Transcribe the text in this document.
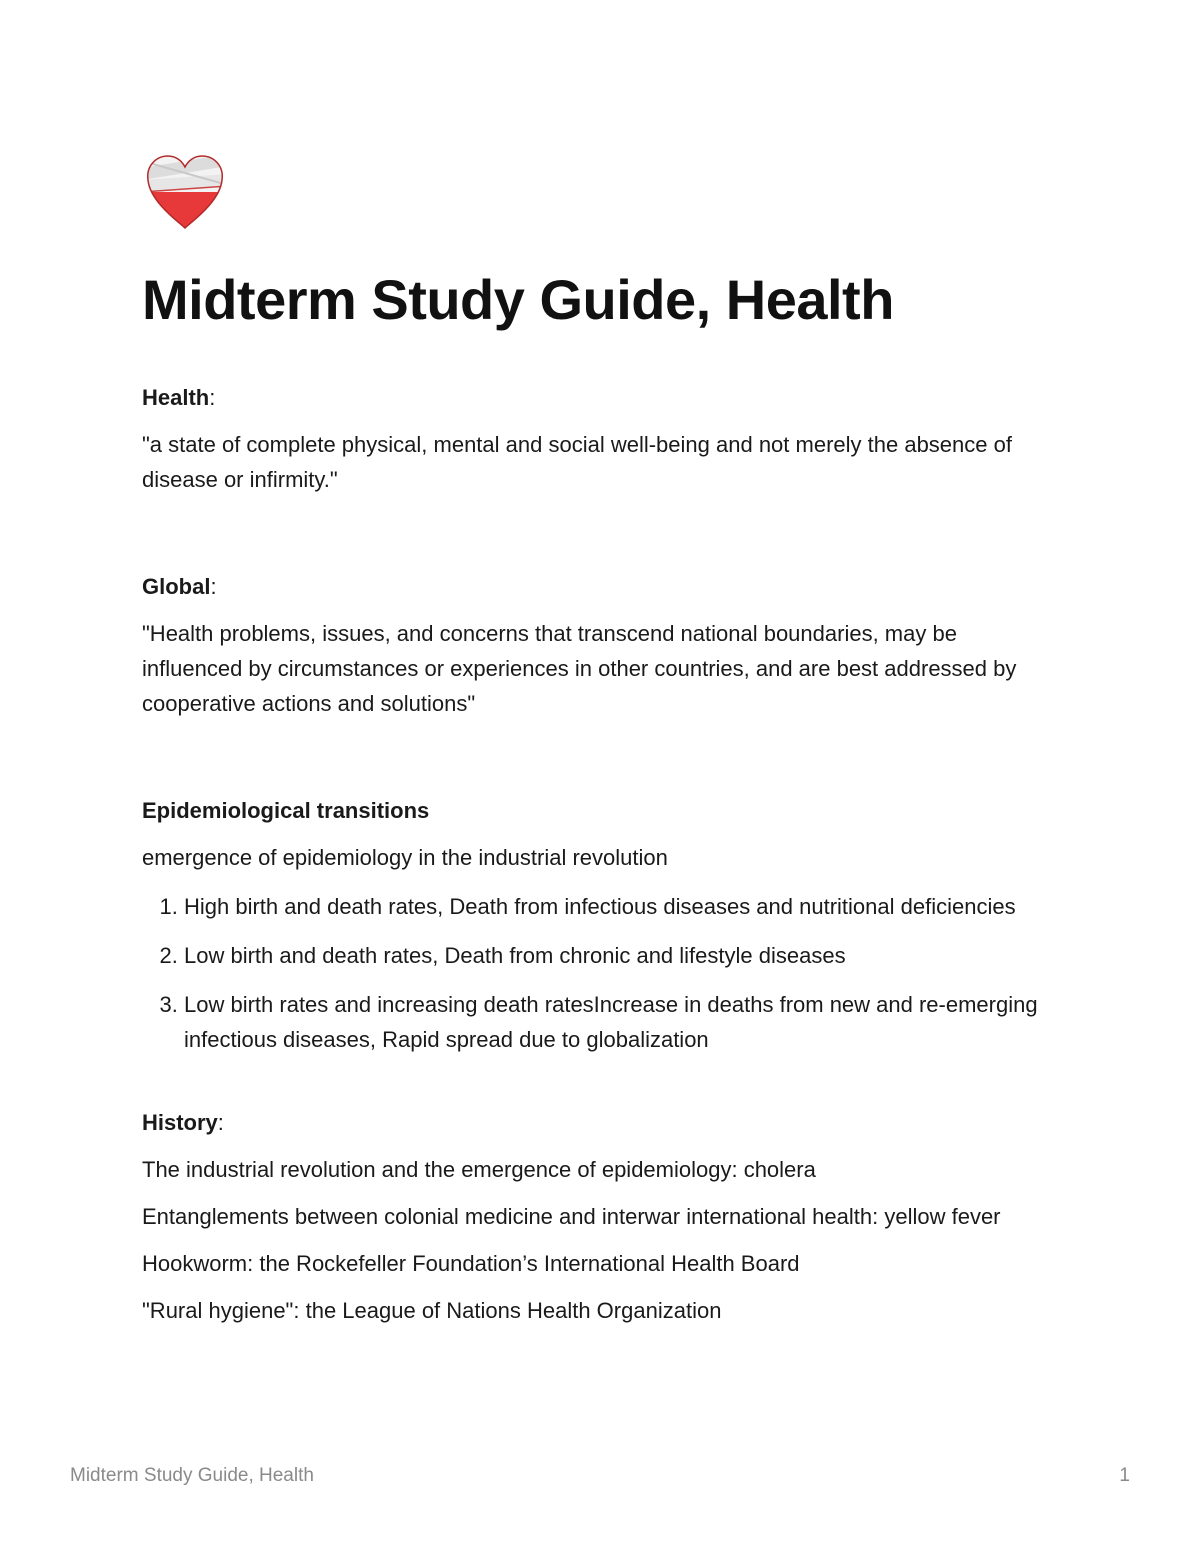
Midterm Study Guide, Health

Health:

"a state of complete physical, mental and social well-being and not merely the absence of disease or infirmity."

Global:

"Health problems, issues, and concerns that transcend national boundaries, may be influenced by circumstances or experiences in other countries, and are best addressed by cooperative actions and solutions"

Epidemiological transitions

emergence of epidemiology in the industrial revolution

1. High birth and death rates, Death from infectious diseases and nutritional deficiencies
2. Low birth and death rates, Death from chronic and lifestyle diseases
3. Low birth rates and increasing death ratesIncrease in deaths from new and re-emerging infectious diseases, Rapid spread due to globalization

History:

The industrial revolution and the emergence of epidemiology: cholera

Entanglements between colonial medicine and interwar international health: yellow fever

Hookworm: the Rockefeller Foundation’s International Health Board

"Rural hygiene": the League of Nations Health Organization

Midterm Study Guide, Health	1
